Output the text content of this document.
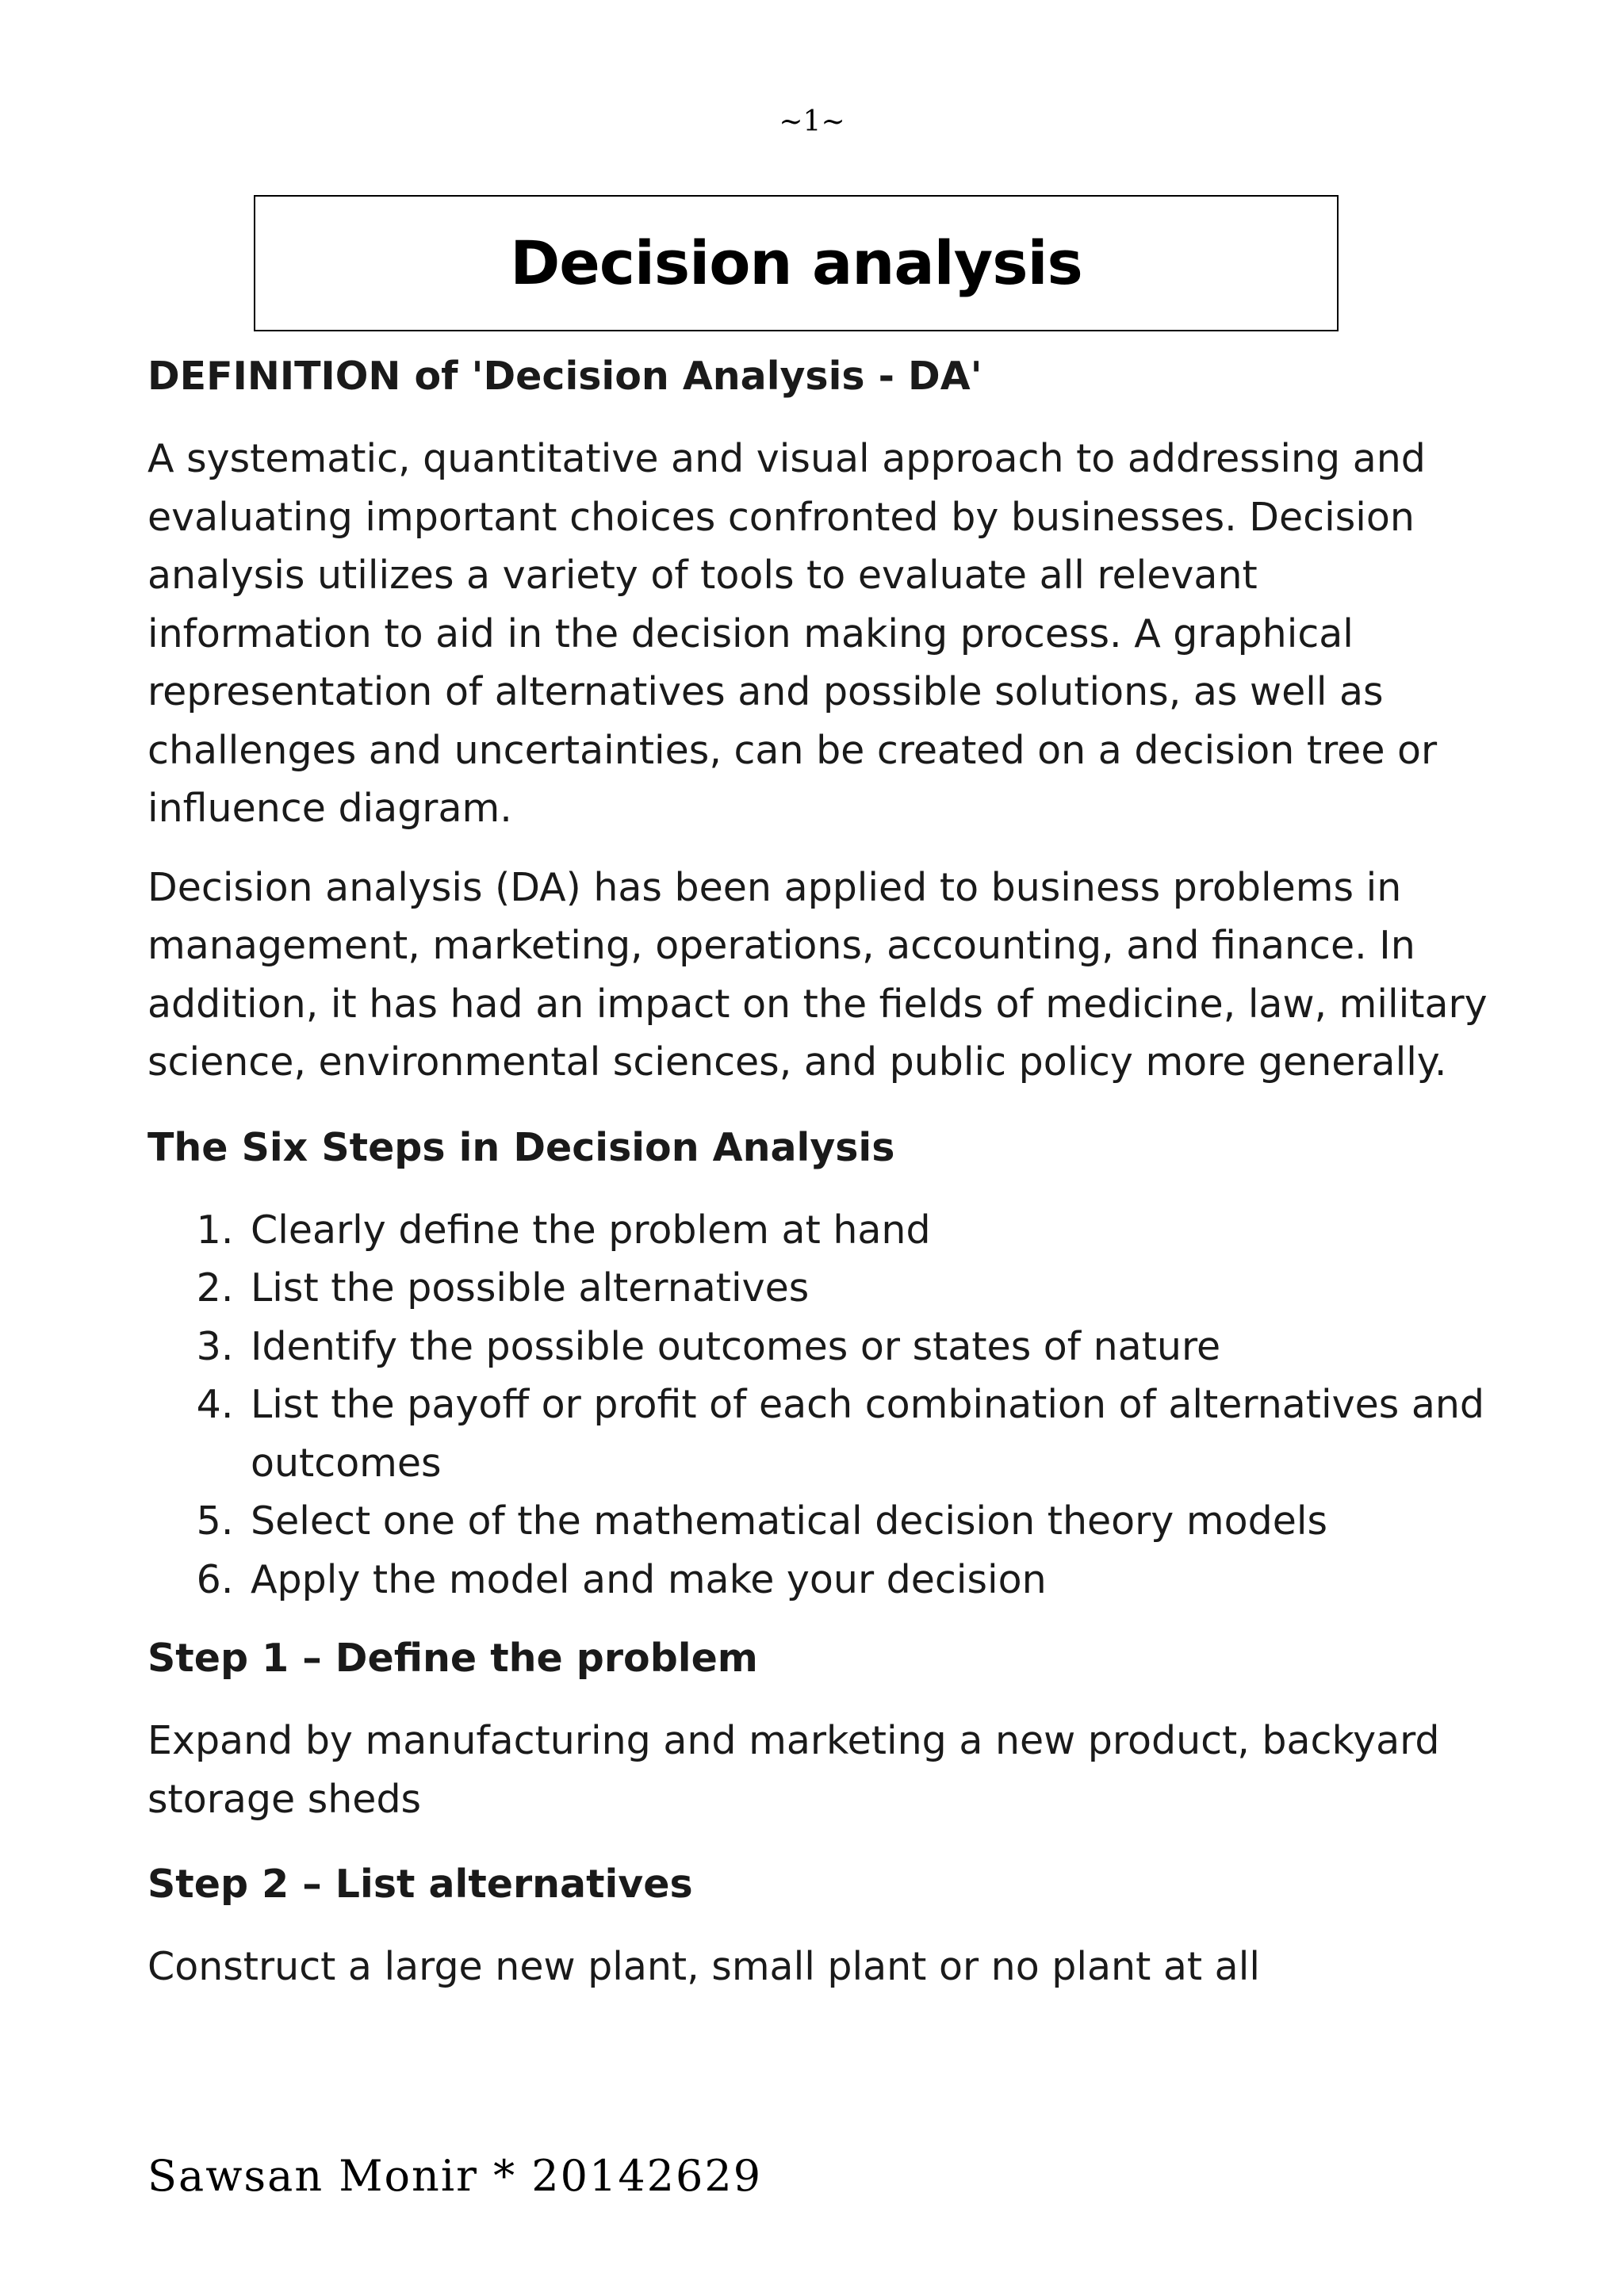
~1~
Decision analysis
DEFINITION of 'Decision Analysis - DA'

A systematic, quantitative and visual approach to addressing and evaluating important choices confronted by businesses. Decision analysis utilizes a variety of tools to evaluate all relevant information to aid in the decision making process. A graphical representation of alternatives and possible solutions, as well as challenges and uncertainties, can be created on a decision tree or influence diagram.

Decision analysis (DA) has been applied to business problems in management, marketing, operations, accounting, and finance. In addition, it has had an impact on the fields of medicine, law, military science, environmental sciences, and public policy more generally.

The Six Steps in Decision Analysis
1. Clearly define the problem at hand
2. List the possible alternatives
3. Identify the possible outcomes or states of nature
4. List the payoff or profit of each combination of alternatives and outcomes
5. Select one of the mathematical decision theory models
6. Apply the model and make your decision
Step 1 – Define the problem

Expand by manufacturing and marketing a new product, backyard storage sheds

Step 2 – List alternatives

Construct a large new plant, small plant or no plant at all

Sawsan Monir * 20142629
